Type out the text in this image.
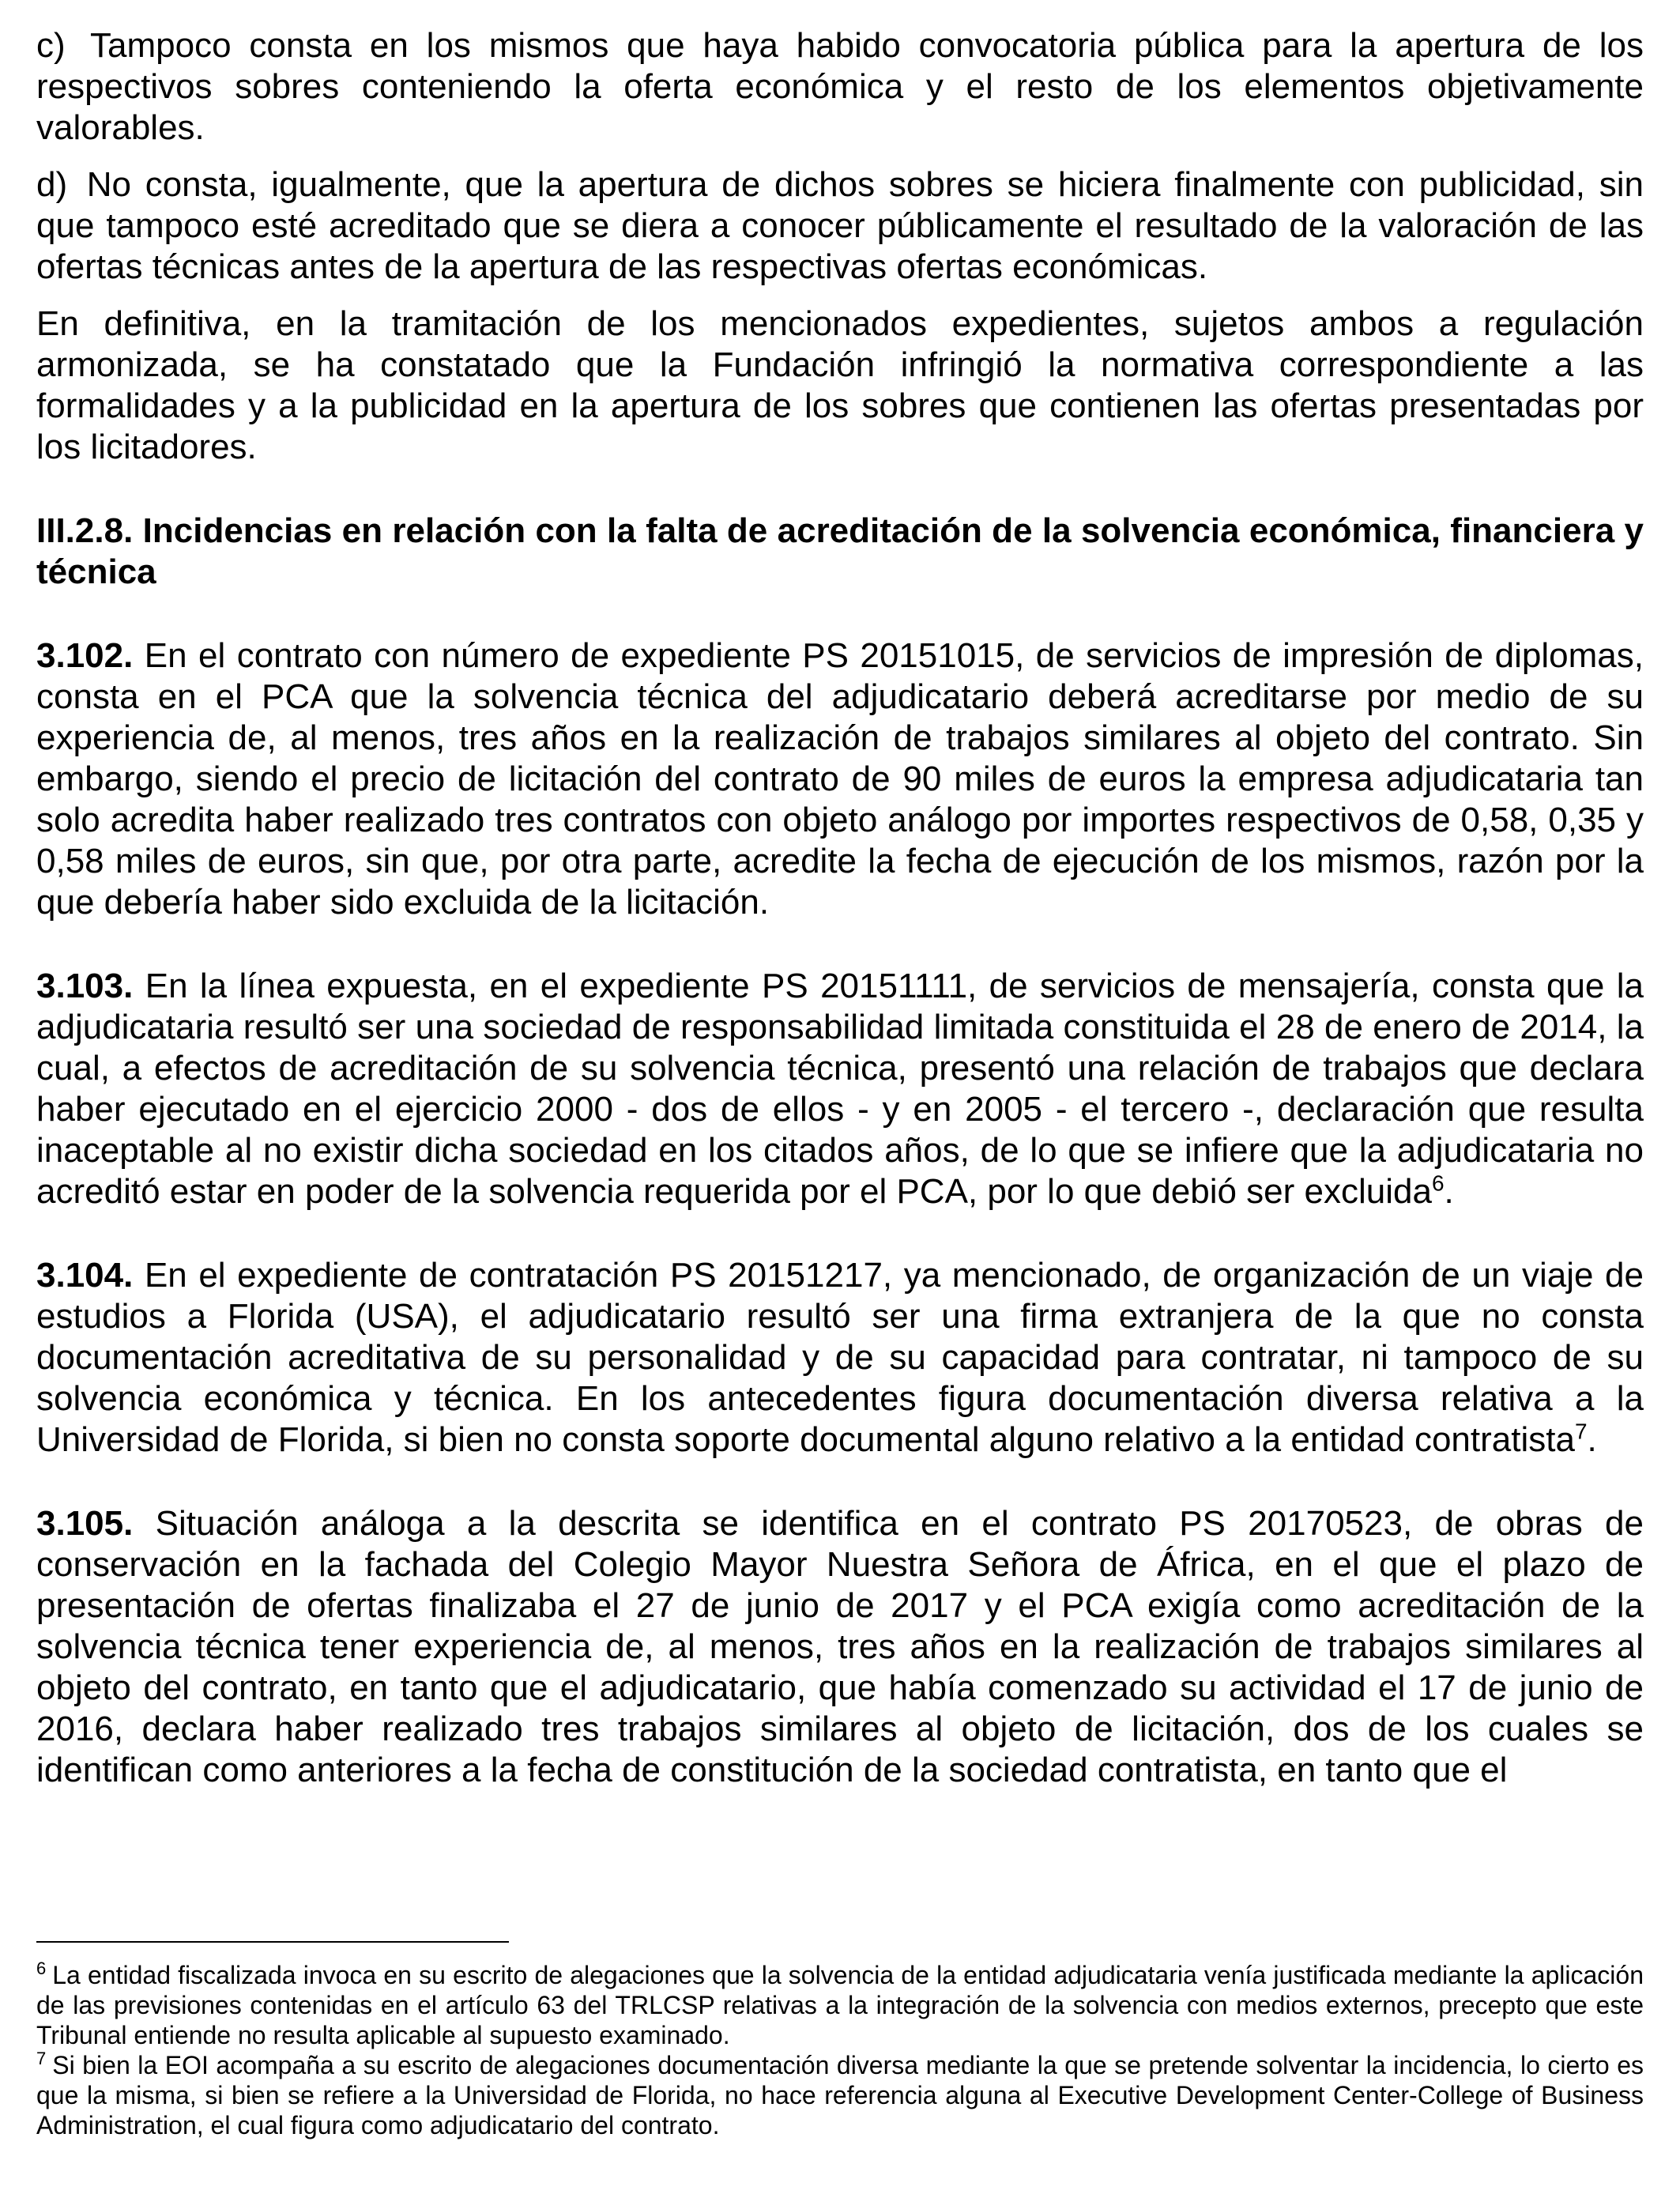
c) Tampoco consta en los mismos que haya habido convocatoria pública para la apertura de los respectivos sobres conteniendo la oferta económica y el resto de los elementos objetivamente valorables.

d) No consta, igualmente, que la apertura de dichos sobres se hiciera finalmente con publicidad, sin que tampoco esté acreditado que se diera a conocer públicamente el resultado de la valoración de las ofertas técnicas antes de la apertura de las respectivas ofertas económicas.

En definitiva, en la tramitación de los mencionados expedientes, sujetos ambos a regulación armonizada, se ha constatado que la Fundación infringió la normativa correspondiente a las formalidades y a la publicidad en la apertura de los sobres que contienen las ofertas presentadas por los licitadores.

III.2.8. Incidencias en relación con la falta de acreditación de la solvencia económica, financiera y técnica

3.102. En el contrato con número de expediente PS 20151015, de servicios de impresión de diplomas, consta en el PCA que la solvencia técnica del adjudicatario deberá acreditarse por medio de su experiencia de, al menos, tres años en la realización de trabajos similares al objeto del contrato. Sin embargo, siendo el precio de licitación del contrato de 90 miles de euros la empresa adjudicataria tan solo acredita haber realizado tres contratos con objeto análogo por importes respectivos de 0,58, 0,35 y 0,58 miles de euros, sin que, por otra parte, acredite la fecha de ejecución de los mismos, razón por la que debería haber sido excluida de la licitación.

3.103. En la línea expuesta, en el expediente PS 20151111, de servicios de mensajería, consta que la adjudicataria resultó ser una sociedad de responsabilidad limitada constituida el 28 de enero de 2014, la cual, a efectos de acreditación de su solvencia técnica, presentó una relación de trabajos que declara haber ejecutado en el ejercicio 2000 - dos de ellos - y en 2005 - el tercero -, declaración que resulta inaceptable al no existir dicha sociedad en los citados años, de lo que se infiere que la adjudicataria no acreditó estar en poder de la solvencia requerida por el PCA, por lo que debió ser excluida$^6$.

3.104. En el expediente de contratación PS 20151217, ya mencionado, de organización de un viaje de estudios a Florida (USA), el adjudicatario resultó ser una firma extranjera de la que no consta documentación acreditativa de su personalidad y de su capacidad para contratar, ni tampoco de su solvencia económica y técnica. En los antecedentes figura documentación diversa relativa a la Universidad de Florida, si bien no consta soporte documental alguno relativo a la entidad contratista$^7$.

3.105. Situación análoga a la descrita se identifica en el contrato PS 20170523, de obras de conservación en la fachada del Colegio Mayor Nuestra Señora de África, en el que el plazo de presentación de ofertas finalizaba el 27 de junio de 2017 y el PCA exigía como acreditación de la solvencia técnica tener experiencia de, al menos, tres años en la realización de trabajos similares al objeto del contrato, en tanto que el adjudicatario, que había comenzado su actividad el 17 de junio de 2016, declara haber realizado tres trabajos similares al objeto de licitación, dos de los cuales se identifican como anteriores a la fecha de constitución de la sociedad contratista, en tanto que el

$^6$ La entidad fiscalizada invoca en su escrito de alegaciones que la solvencia de la entidad adjudicataria venía justificada mediante la aplicación de las previsiones contenidas en el artículo 63 del TRLCSP relativas a la integración de la solvencia con medios externos, precepto que este Tribunal entiende no resulta aplicable al supuesto examinado.

$^7$ Si bien la EOI acompaña a su escrito de alegaciones documentación diversa mediante la que se pretende solventar la incidencia, lo cierto es que la misma, si bien se refiere a la Universidad de Florida, no hace referencia alguna al Executive Development Center-College of Business Administration, el cual figura como adjudicatario del contrato.
